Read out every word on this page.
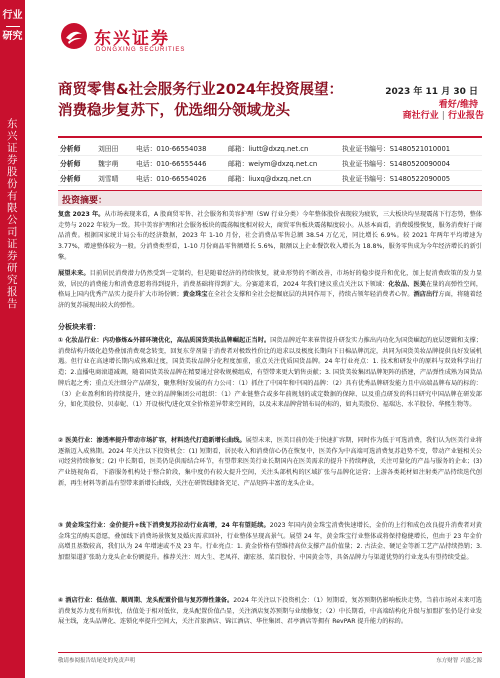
行业
研究
东
兴
证
券
股
份
有
限
公
司
证
券
研
究
报
告
东兴证券
DONGXING SECURITIES
商贸零售&社会服务行业2024年投资展望：消费稳步复苏下，优选细分领域龙头
2023 年 11 月 30 日
看好/维持
商社行业 | 行业报告
分析师	刘田田	电话：010-66554038	邮箱：liutt@dxzq.net.cn	执业证书编号：S1480521010001
分析师	魏宇萌	电话：010-66555446	邮箱：weiym@dxzq.net.cn	执业证书编号：S1480520090004
分析师	刘雪晴	电话：010-66554026	邮箱：liuxq@dxzq.net.cn	执业证书编号：S1480522090005
投资摘要：
复盘 2023 年。从市场表现来看，A 股商贸零售、社会服务和美容护理（SW 行业分类）今年整体股价表现较为疲软，三大板块均呈现震荡下行态势，整体走势与 2022 年较为一致。其中美容护理和社会服务板块的震荡幅度相对较大，商贸零售板块震荡幅度较小。从基本面看，消费缓慢恢复，服务消费好于商品消费。根据国家统计局公布的经济数据，2023 年 1-10 月份，社会消费品零售总额 38.54 万亿元，同比增长 6.9%。较 2021 年两年平均增速为 3.77%，增速整体较为一般。分消费类型看，1-10 月份商品零售额增长 5.6%，限额以上企业餐饮收入增长为 18.8%，服务零售成为今年经济增长的新引擎。
展望未来。目前居民消费潜力仍然受到一定制约，但是随着经济的持续恢复，就业形势的不断改善，市场好的稳步提升和优化，加上促消费政策的发力显效，居民的消费能力和消费意愿将得到提升，消费基础将得到扩大。分赛道来看，2024 年我们建议重点关注以下领域：化妆品、医美在量的高弹性空间，格局上国内优秀产品实力提升扩大市场份额；黄金珠宝在全社会支撑和全社会挖掘底层的共同作用下，持续占领年轻消费者心智。酒店出行方面，将随着经济的复苏展现出较大的弹性。
分板块来看：
① 化妆品行业：内功修炼&外部环境优化，高品质国货美妆品牌崛起正当时。国货品牌近年来崔管提升研发实力推出内功化为国货崛起的底层逻辑和支撑；消费结构升级化趋势叠加消费观念转变，回复东芽剂量于消费者对极致性价比的追求以及极度长期向下日棉品牌沉淀，共同为国货美妆品牌提供良好发展机遇。但行业在高速增长期内成熟难过度，国货美妆品牌分化程度加重，重点关注优质国货品牌。24 年行业亮点：1. 技术和研发中的原料与双效科学出打造；2.直播电商滚道减调，随着国货美妆品牌在精要通过营收规模组成，有望带来更大销售贡献；3. 国货美妆集团品牌矩阵的搭建，产品弹性成熟为国货品牌后起之秀；重点关注细分产品研发，聚焦利好发展的有力公司：（1）抓住了中国年和中国的品牌：（2）具有优秀品牌研发能力且中高端品牌布局的标的：（3）企业盈利和的持续提升，建立的品牌集团公司组织：（1）产业链整合或多年前规划的或定数据的保障、以及重点研发的科目研究中国品牌在研发部分，如化美股份、贝泰妮、（1）开设核代/进化双全价格差异带来空间的，以及未来品牌营销布局的标的，如丸美股份、福瑞达、水羊股份、华熙生物等。
② 医美行业：渗透率提升带动市场扩容，材料迭代打造新增长曲线。展望未来，医美目前仍处于快速扩容期，同时作为低于可选消费，我们认为医美行业将逐渐迈入成熟期。2024 年关注以下投资机会：(1) 短期看，居民收入和消费信心仍在恢复中，医美作为中高端可选消费复苏趋势不变，带动产业链相关公司经营持续修复；(2) 中长期看，医美仍是供需结合环节，有望带来医美行业长期国内在医美需求的提升下持续释放，关注可量化的产品与服务的企业；(3) 产业链视角看，下游服务机构处于整合阶段，集中度仍有较大提升空间，关注头部机构的区域扩张与品牌化运营；上游各类耗材如注射类产品持续迭代创新，再生材料等新品有望带来新增长曲线，关注在研管线储备充足、产品矩阵丰富的龙头企业。
③ 黄金珠宝行业：金价提升+线下消费复苏拉动行业高增，24 年有望延续。2023 年国内黄金珠宝消费快速增长，金价的上行和成色改良提升消费者对黄金珠宝的购买意愿，叠加线下消费场景恢复及婚庆需求回补，行业整体呈现高景气。展望 24 年，黄金珠宝行业整体或将保持稳健增长，但由于 23 年金价高增且基数较高，我们认为 24 年增速或不及 23 年。行业亮点：1. 黄金价格有望维持高位支撑产品价值量；2. 古法金、硬足金等新工艺产品持续热销；3. 加盟渠道扩张助力龙头企业份额提升。推荐关注：周大生、老凤祥、潮宏基、菜百股份、中国黄金等，具备品牌力与渠道优势的行业龙头有望持续受益。
④ 酒店行业：低估值、顺周期、龙头配置价值与复苏弹性兼备。2024 年关注以下投资机会：（1）短期看，复苏预期仍影响板块走势，当前市场对未来可选消费复苏力度有所担忧，估值处于相对低位，龙头配置价值凸显，关注酒店复苏预期与业绩修复；（2）中长期看，中高端结构化升级与加盟扩张仍是行业发展主线，龙头品牌化、连锁化率提升空间大，关注首旅酒店、锦江酒店、华住集团、君亭酒店等拥有 RevPAR 提升能力的标的。
敬请参阅报告结尾处的免责声明	东方财智 兴盛之源
